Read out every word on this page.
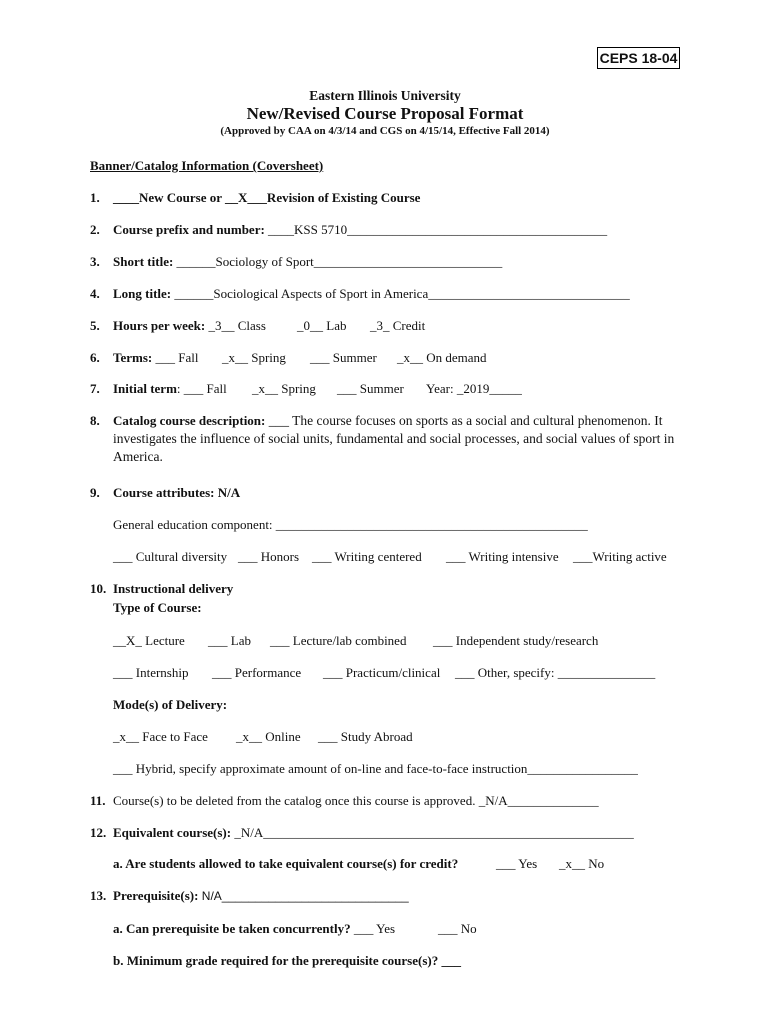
CEPS 18-04
Eastern Illinois University
New/Revised Course Proposal Format
(Approved by CAA on 4/3/14 and CGS on 4/15/14, Effective Fall 2014)
Banner/Catalog Information (Coversheet)
1. ____New Course or __X___Revision of Existing Course
2. Course prefix and number: ____KSS 5710________________________________________
3. Short title: ______Sociology of Sport_____________________________
4. Long title: ______Sociological Aspects of Sport in America_______________________________
5. Hours per week: _3__ Class _0__ Lab _3_ Credit
6. Terms: ___ Fall _x__ Spring ___ Summer _x__ On demand
7. Initial term: ___ Fall _x__ Spring ___ Summer Year: _2019_____
8. Catalog course description: ___ The course focuses on sports as a social and cultural phenomenon. It investigates the influence of social units, fundamental and social processes, and social values of sport in America.
9. Course attributes: N/A
General education component: ________________________________________________
___ Cultural diversity ___ Honors ___ Writing centered ___ Writing intensive ___Writing active
10. Instructional delivery
Type of Course:
__X_ Lecture ___ Lab ___ Lecture/lab combined ___ Independent study/research
___ Internship ___ Performance ___ Practicum/clinical ___ Other, specify: _______________
Mode(s) of Delivery:
_x__ Face to Face _x__ Online ___ Study Abroad
___ Hybrid, specify approximate amount of on-line and face-to-face instruction_________________
11. Course(s) to be deleted from the catalog once this course is approved. _N/A______________
12. Equivalent course(s): _N/A_________________________________________________________
a. Are students allowed to take equivalent course(s) for credit?	___ Yes _x__ No
13. Prerequisite(s): N/A____________________________
a. Can prerequisite be taken concurrently? ___ Yes	___ No
b. Minimum grade required for the prerequisite course(s)? ___
